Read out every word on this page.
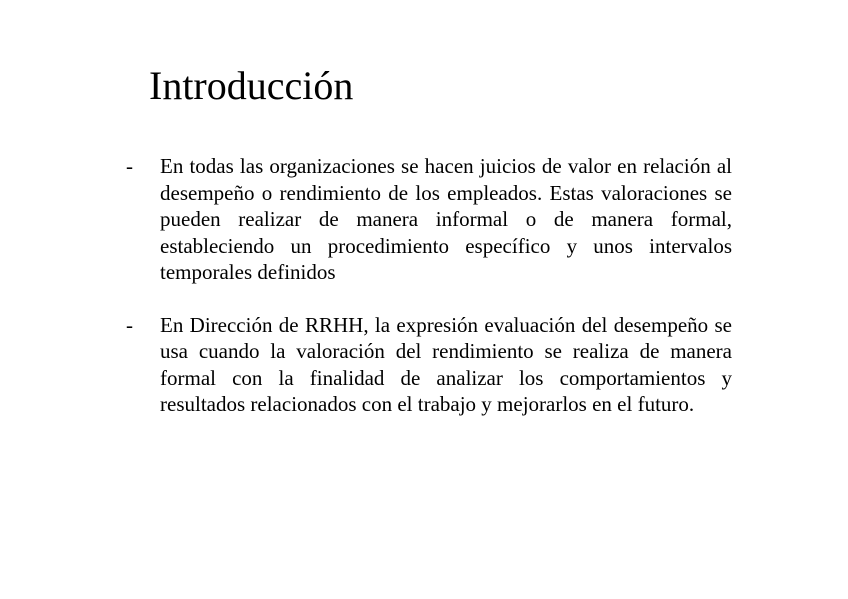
Introducción
-	En todas las organizaciones se hacen juicios de valor en relación al desempeño o rendimiento de los empleados. Estas valoraciones se pueden realizar de manera informal o de manera formal, estableciendo un procedimiento específico y unos intervalos temporales definidos

-	En Dirección de RRHH, la expresión evaluación del desempeño se usa cuando la valoración del rendimiento se realiza de manera formal con la finalidad de analizar los comportamientos y resultados relacionados con el trabajo y mejorarlos en el futuro.
